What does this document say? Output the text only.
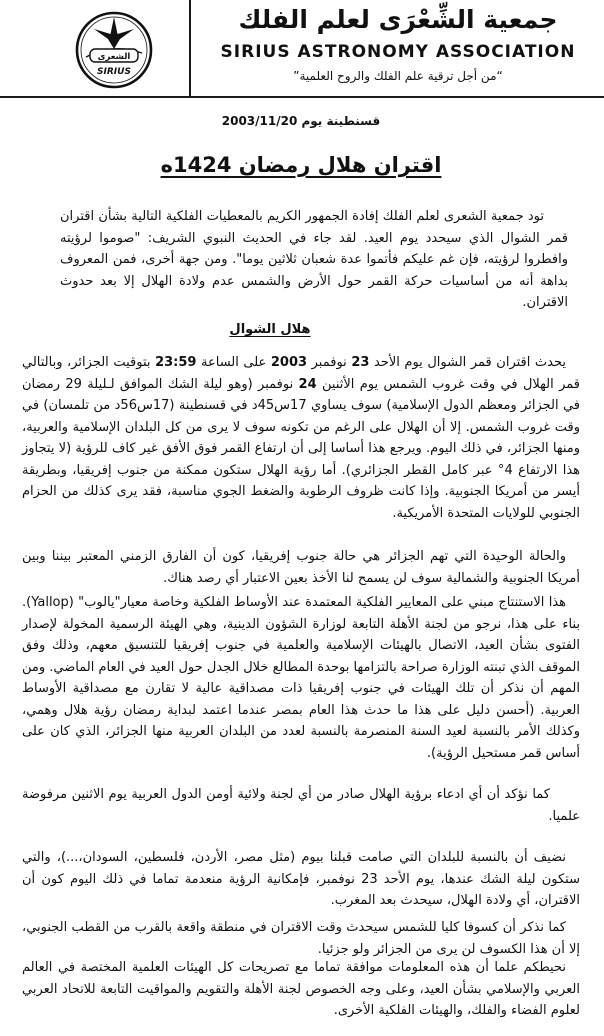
الشعرى
SIRIUS
جمعية الشِّعْرَى لعلم الفلك
SIRIUS ASTRONOMY ASSOCIATION
“من أجل ترقية علم الفلك والروح العلمية”
قسنطينة يوم 2003/11/20
اقتران هلال رمضان 1424ه

تود جمعية الشعرى لعلم الفلك إفادة الجمهور الكريم بالمعطيات الفلكية التالية بشأن اقتران قمر الشوال الذي سيحدد يوم العيد. لقد جاء في الحديث النبوي الشريف: "صوموا لرؤيته وافطروا لرؤيته، فإن غم عليكم فأتموا عدة شعبان ثلاثين يوما". ومن جهة أخرى، فمن المعروف بداهة أنه من أساسيات حركة القمر حول الأرض والشمس عدم ولادة الهلال إلا بعد حدوث الاقتران.

هلال الشوال

يحدث اقتران قمر الشوال يوم الأحد 23 نوفمبر 2003 على الساعة 23:59 بتوقيت الجزائر، وبالتالي قمر الهلال في وقت غروب الشمس يوم الأثنين 24 نوفمبر (وهو ليلة الشك الموافق لـليلة 29 رمضان في الجزائر ومعظم الدول الإسلامية) سوف يساوي 17س45د في قسنطينة (17س56د من تلمسان) في وقت غروب الشمس. إلا أن الهلال على الرغم من تكونه سوف لا يرى من كل البلدان الإسلامية والعربية، ومنها الجزائر، في ذلك اليوم. ويرجع هذا أساسا إلى أن ارتفاع القمر فوق الأفق غير كاف للرؤية (لا يتجاوز هذا الارتفاع 4° عبر كامل القطر الجزائري). أما رؤية الهلال ستكون ممكنة من جنوب إفريقيا، وبطريقة أيسر من أمريكا الجنوبية. وإذا كانت ظروف الرطوبة والضغط الجوي مناسبة، فقد يرى كذلك من الحزام الجنوبي للولايات المتحدة الأمريكية.

والحالة الوحيدة التي تهم الجزائر هي حالة جنوب إفريقيا، كون أن الفارق الزمني المعتبر بيننا وبين أمريكا الجنوبية والشمالية سوف لن يسمح لنا الأخذ بعين الاعتبار أي رصد هناك.

هذا الاستنتاج مبني على المعايير الفلكية المعتمدة عند الأوساط الفلكية وخاصة معيار"يالوب" (Yallop). بناء على هذا، نرجو من لجنة الأهلة التابعة لوزارة الشؤون الدينية، وهي الهيئة الرسمية المخولة لإصدار الفتوى بشأن العيد، الاتصال بالهيئات الإسلامية والعلمية في جنوب إفريقيا للتنسيق معهم، وذلك وفق الموقف الذي تبنته الوزارة صراحة بالتزامها بوحدة المطالع خلال الجدل حول العيد في العام الماضي. ومن المهم أن نذكر أن تلك الهيئات في جنوب إفريقيا ذات مصداقية عالية لا تقارن مع مصداقية الأوساط العربية. (أحسن دليل على هذا ما حدث هذا العام بمصر عندما اعتمد لبداية رمضان رؤية هلال وهمي، وكذلك الأمر بالنسبة لعيد السنة المنصرمة بالنسبة لعدد من البلدان العربية منها الجزائر، الذي كان على أساس قمر مستحيل الرؤية).

كما نؤكد أن أي ادعاء برؤية الهلال صادر من أي لجنة ولائية أومن الدول العربية يوم الاثنين مرفوضة علميا.

نضيف أن بالنسبة للبلدان التي صامت قبلنا بيوم (مثل مصر، الأردن، فلسطين، السودان،...)، والتي ستكون ليلة الشك عندها، يوم الأحد 23 نوفمبر، فإمكانية الرؤية منعدمة تماما في ذلك اليوم كون أن الاقتران، أي ولادة الهلال، سيحدث بعد المغرب.

كما نذكر أن كسوفا كليا للشمس سيحدث وقت الاقتران في منطقة واقعة بالقرب من القطب الجنوبي، إلا أن هذا الكسوف لن يرى من الجزائر ولو جزئيا.

نحيطكم علما أن هذه المعلومات موافقة تماما مع تصريحات كل الهيئات العلمية المختصة في العالم العربي والإسلامي بشأن العيد، وعلى وجه الخصوص لجنة الأهلة والتقويم والمواقيت التابعة للاتحاد العربي لعلوم الفضاء والفلك، والهيئات الفلكية الأخرى.
